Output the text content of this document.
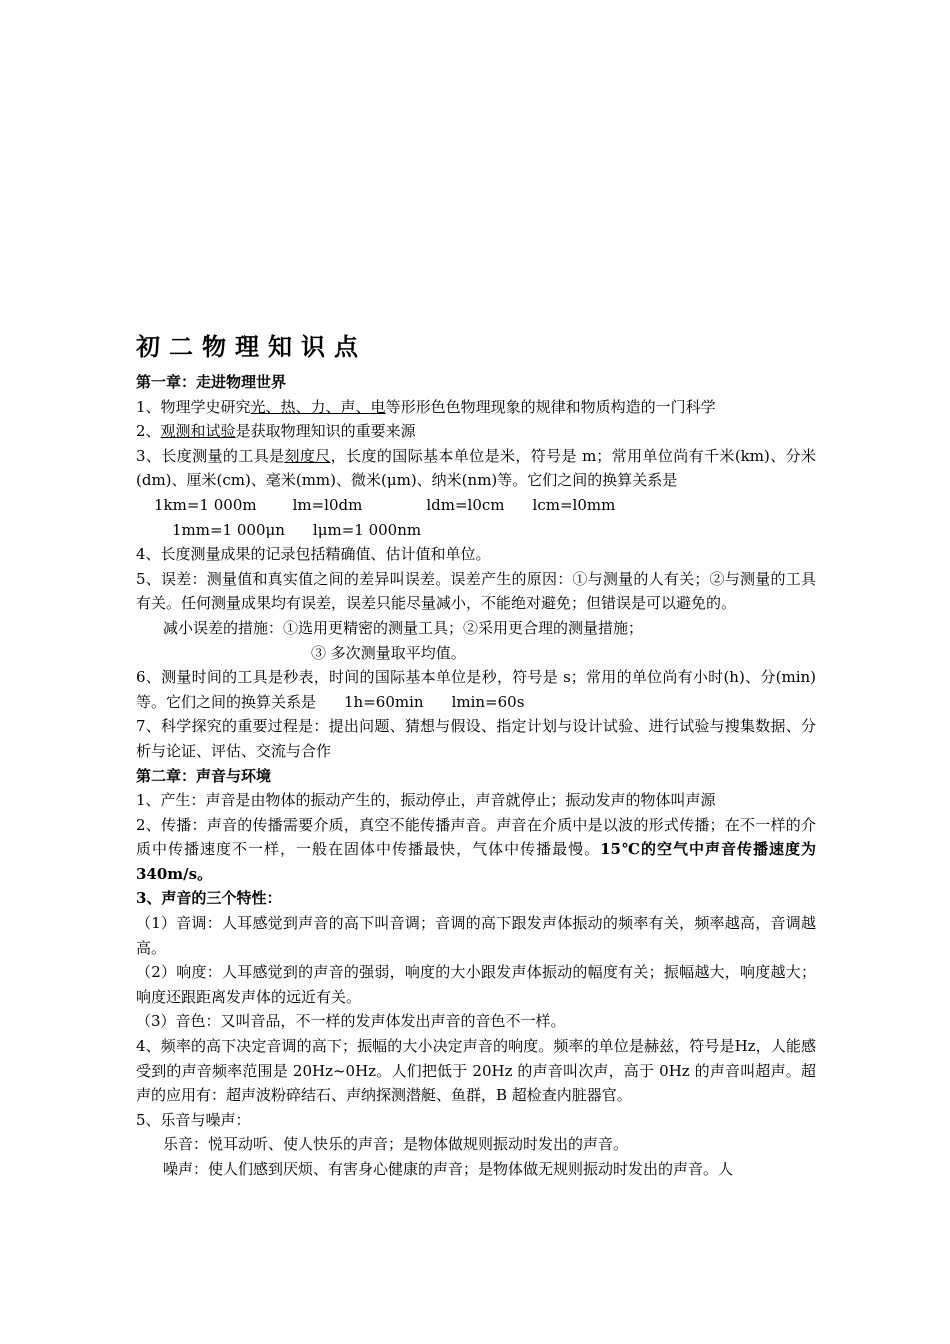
初二物理知识点

第一章：走进物理世界

1、物理学史研究光、热、力、声、电等形形色色物理现象的规律和物质构造的一门科学

2、观测和试验是获取物理知识的重要来源

3、长度测量的工具是刻度尺，长度的国际基本单位是米，符号是 m；常用单位尚有千米(km)、分米(dm)、厘米(cm)、毫米(mm)、微米(μm)、纳米(nm)等。它们之间的换算关系是

1km=1 000m lm=l0dm	ldm=l0cm lcm=l0mm

1mm=1 000μn lμm=1 000nm

4、长度测量成果的记录包括精确值、估计值和单位。

5、误差：测量值和真实值之间的差异叫误差。误差产生的原因：①与测量的人有关；②与测量的工具有关。任何测量成果均有误差，误差只能尽量减小，不能绝对避免；但错误是可以避免的。

减小误差的措施：①选用更精密的测量工具；②采用更合理的测量措施；

③ 多次测量取平均值。

6、测量时间的工具是秒表，时间的国际基本单位是秒，符号是 s；常用的单位尚有小时(h)、分(min)等。它们之间的换算关系是 1h=60min lmin=60s

7、科学探究的重要过程是：提出问题、猜想与假设、指定计划与设计试验、进行试验与搜集数据、分析与论证、评估、交流与合作

第二章：声音与环境

1、产生：声音是由物体的振动产生的，振动停止，声音就停止；振动发声的物体叫声源

2、传播：声音的传播需要介质，真空不能传播声音。声音在介质中是以波的形式传播；在不一样的介质中传播速度不一样，一般在固体中传播最快，气体中传播最慢。15℃的空气中声音传播速度为340m/s。

3、声音的三个特性：

（1）音调：人耳感觉到声音的高下叫音调；音调的高下跟发声体振动的频率有关，频率越高，音调越高。

（2）响度：人耳感觉到的声音的强弱，响度的大小跟发声体振动的幅度有关；振幅越大，响度越大；响度还跟距离发声体的远近有关。

（3）音色：又叫音品，不一样的发声体发出声音的音色不一样。

4、频率的高下决定音调的高下；振幅的大小决定声音的响度。频率的单位是赫兹，符号是Hz，人能感受到的声音频率范围是 20Hz~0Hz。人们把低于 20Hz 的声音叫次声，高于 0Hz 的声音叫超声。超声的应用有：超声波粉碎结石、声纳探测潜艇、鱼群，B 超检查内脏器官。

5、乐音与噪声：

乐音：悦耳动听、使人快乐的声音；是物体做规则振动时发出的声音。

噪声：使人们感到厌烦、有害身心健康的声音；是物体做无规则振动时发出的声音。人
